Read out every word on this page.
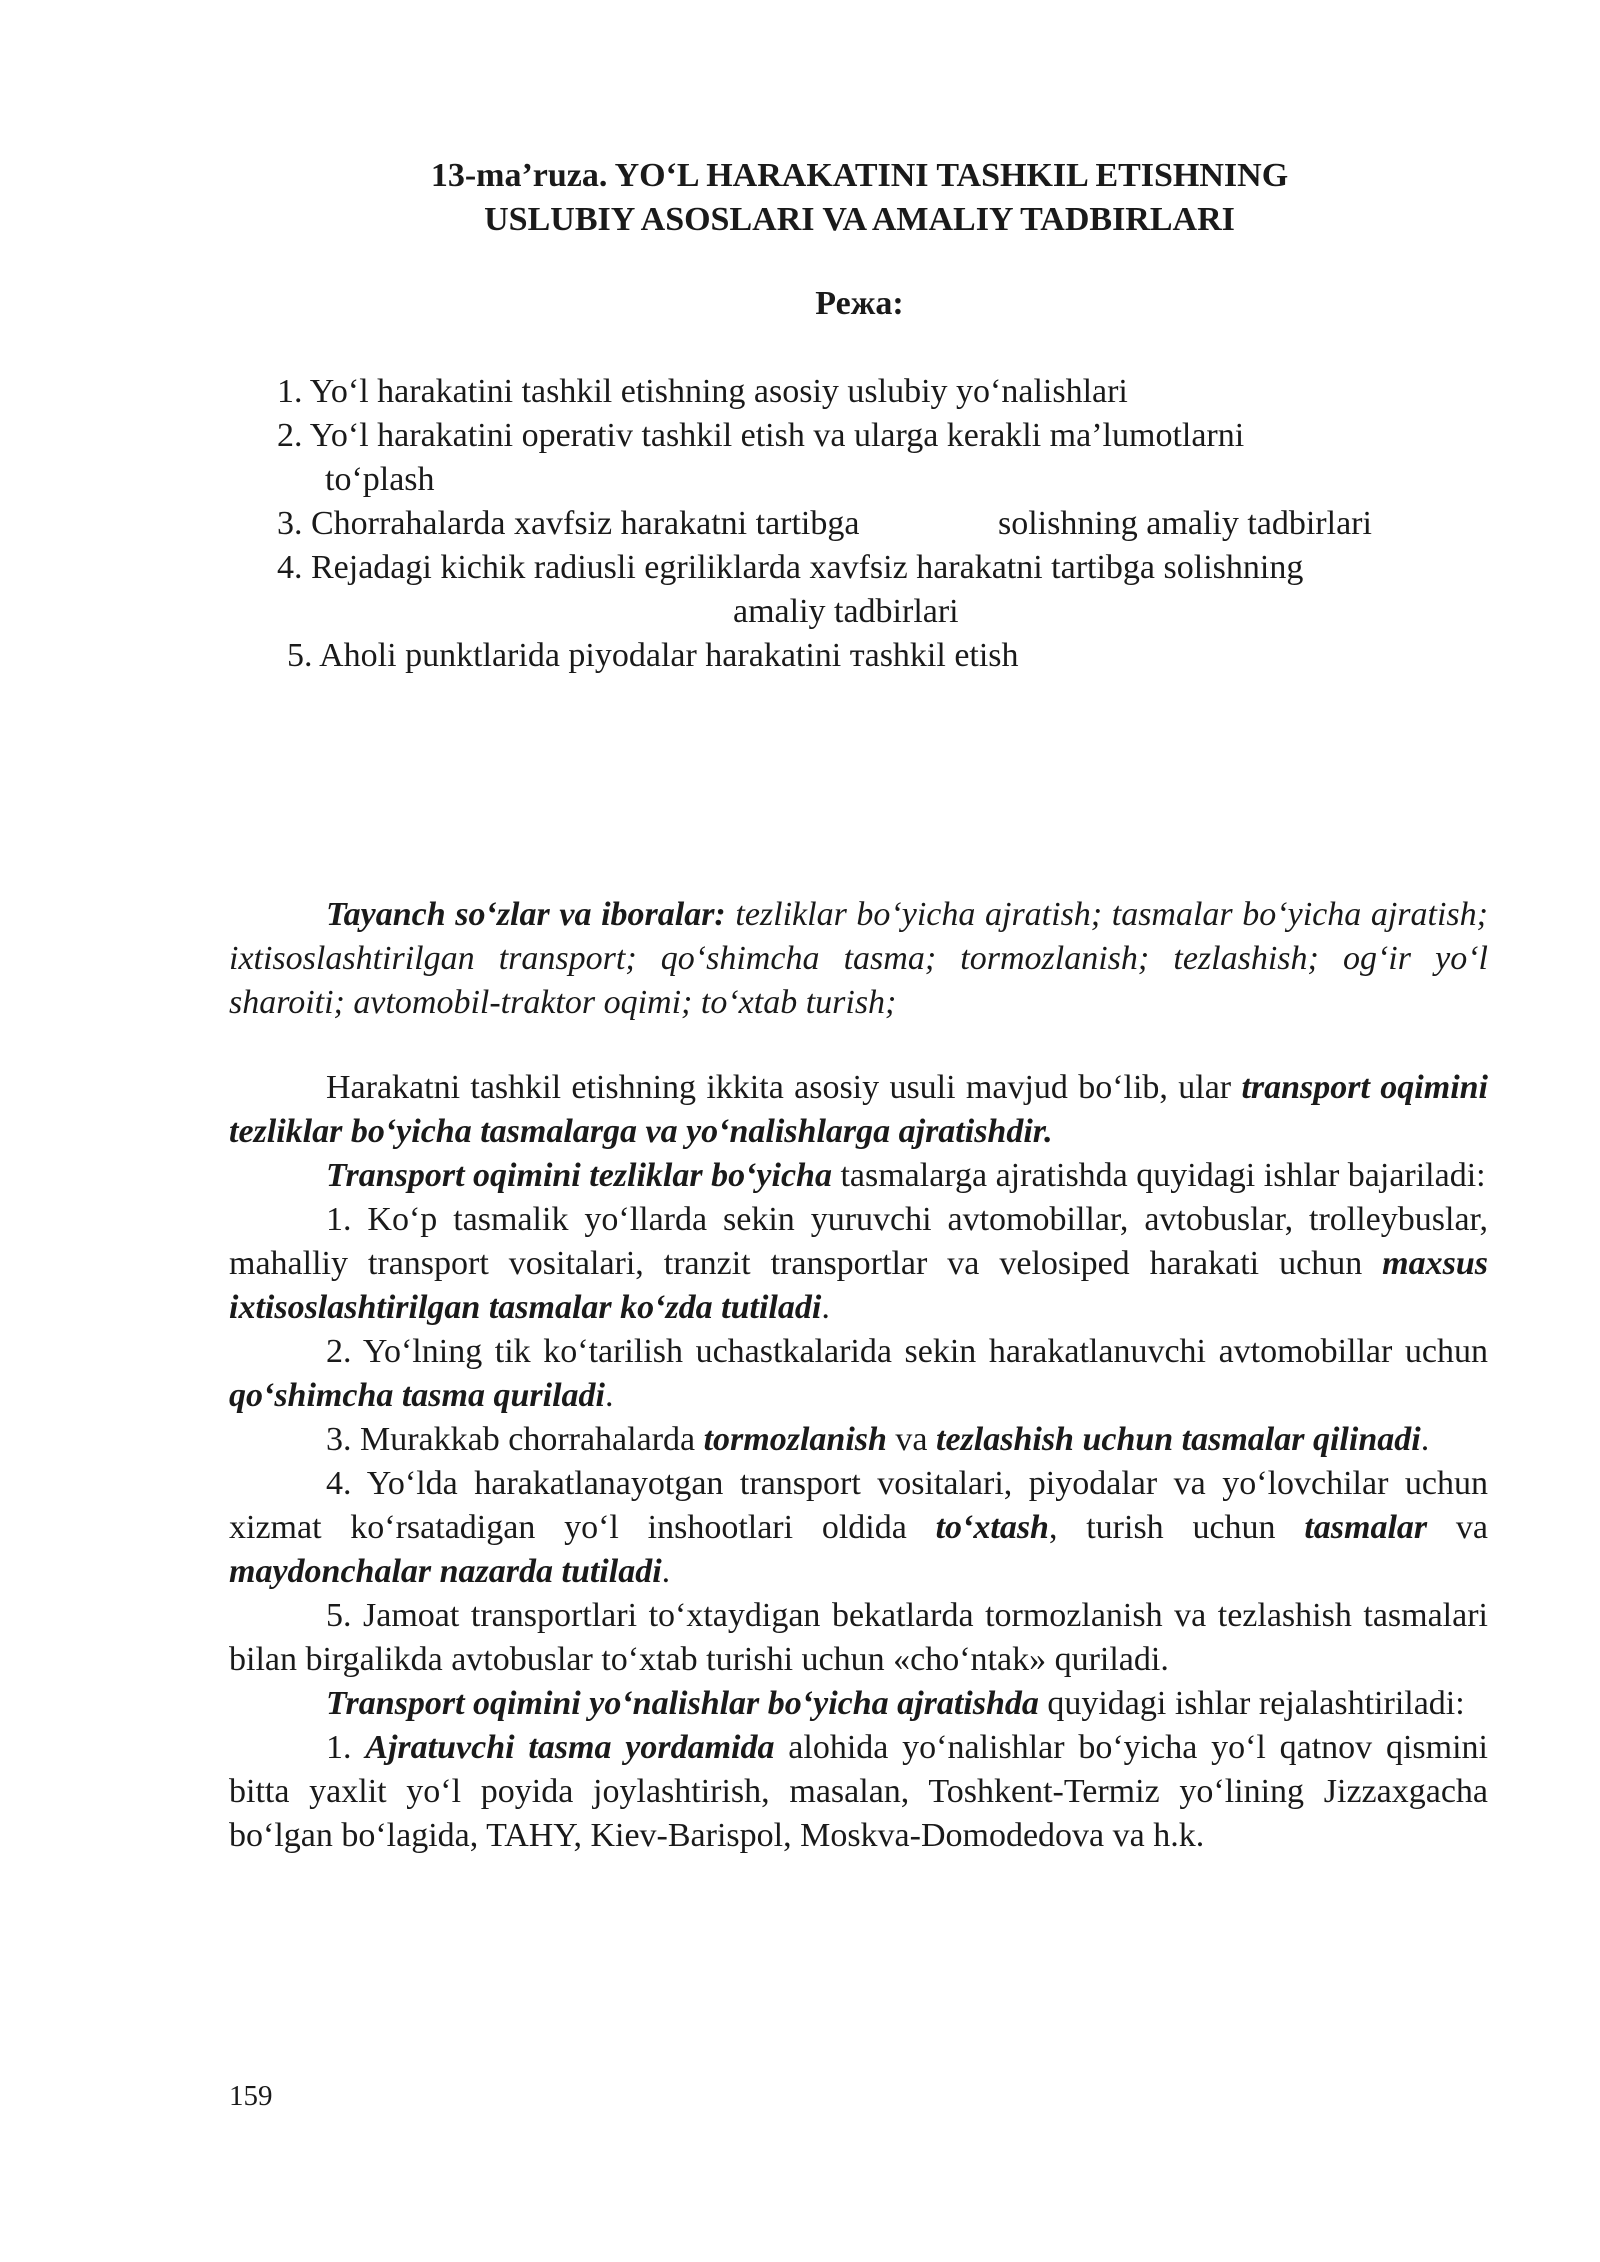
13-ma’ruza. YO‘L HARAKATINI TASHKIL ETISHNING
USLUBIY ASOSLARI VA AMALIY TADBIRLARI
Режа:
1. Yo‘l harakatini tashkil etishning asosiy uslubiy yo‘nalishlari
2. Yo‘l harakatini operativ tashkil etish va ularga kerakli ma’lumotlarni
to‘plash
3. Chorrahalarda xavfsiz harakatni tartibga	solishning amaliy tadbirlari
4. Rejadagi kichik radiusli egriliklarda xavfsiz harakatni tartibga solishning
amaliy tadbirlari
5. Aholi punktlarida piyodalar harakatini тashkil etish

Tayanch so‘zlar va iboralar: tezliklar bo‘yicha ajratish; tasmalar bo‘yicha ajratish; ixtisoslashtirilgan transport; qo‘shimcha tasma; tormozlanish; tezlashish; og‘ir yo‘l sharoiti; avtomobil-traktor oqimi; to‘xtab turish;

Harakatni tashkil etishning ikkita asosiy usuli mavjud bo‘lib, ular transport oqimini tezliklar bo‘yicha tasmalarga va yo‘nalishlarga ajratishdir.

Transport oqimini tezliklar bo‘yicha tasmalarga ajratishda quyidagi ishlar bajariladi:

1. Ko‘p tasmalik yo‘llarda sekin yuruvchi avtomobillar, avtobuslar, trolleybuslar, mahalliy transport vositalari, tranzit transportlar va velosiped harakati uchun maxsus ixtisoslashtirilgan tasmalar ko‘zda tutiladi.

2. Yo‘lning tik ko‘tarilish uchastkalarida sekin harakatlanuvchi avtomobillar uchun qo‘shimcha tasma quriladi.

3. Murakkab chorrahalarda tormozlanish va tezlashish uchun tasmalar qilinadi.

4. Yo‘lda harakatlanayotgan transport vositalari, piyodalar va yo‘lovchilar uchun xizmat ko‘rsatadigan yo‘l inshootlari oldida to‘xtash, turish uchun tasmalar va maydonchalar nazarda tutiladi.

5. Jamoat transportlari to‘xtaydigan bekatlarda tormozlanish va tezlashish tasmalari bilan birgalikda avtobuslar to‘xtab turishi uchun «cho‘ntak» quriladi.

Transport oqimini yo‘nalishlar bo‘yicha ajratishda quyidagi ishlar rejalashtiriladi:

1. Ajratuvchi tasma yordamida alohida yo‘nalishlar bo‘yicha yo‘l qatnov qismini bitta yaxlit yo‘l poyida joylashtirish, masalan, Toshkent-Termiz yo‘lining Jizzaxgacha bo‘lgan bo‘lagida, TAHY, Kiev-Barispol, Moskva-Domodedova va h.k.

159
